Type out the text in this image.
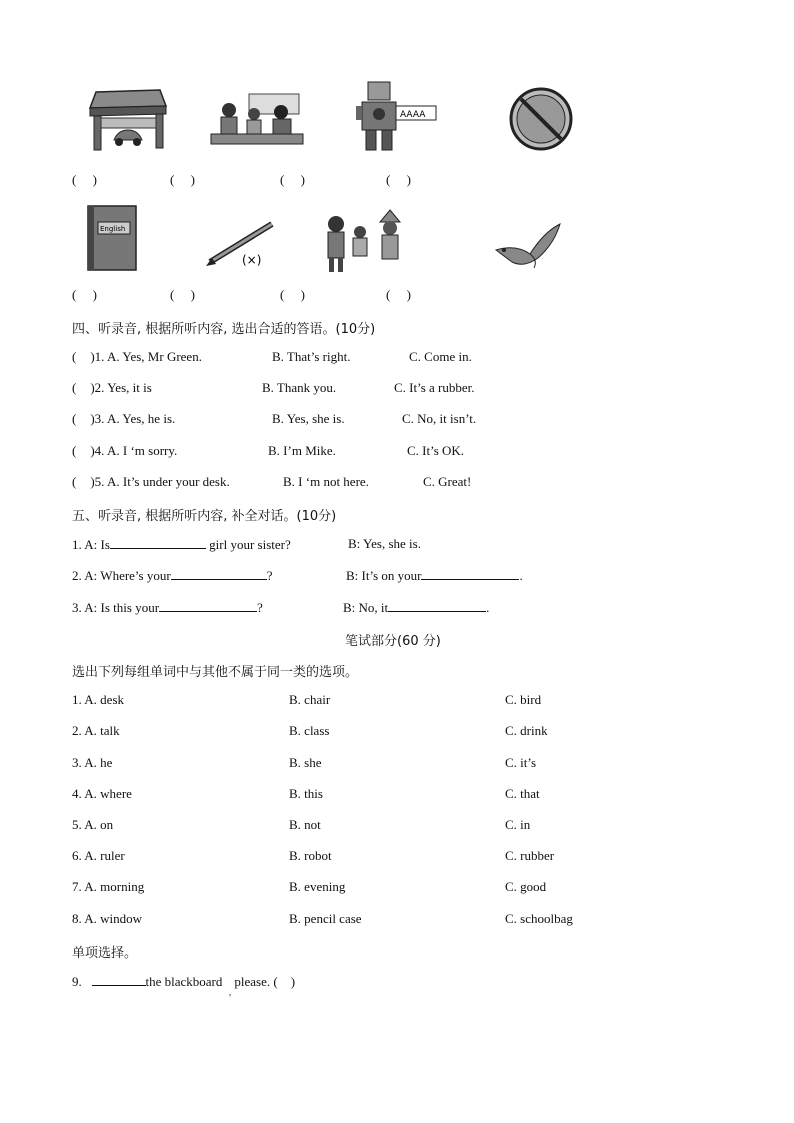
AAAA
( )	( )	( )	( )
English
(×)
( )	( )	( )	( )
四、听录音, 根据所听内容, 选出合适的答语。(10分)
( )1. A. Yes, Mr Green.	B. That’s right.	C. Come in.
( )2. Yes, it is	B. Thank you.	C. It’s a rubber.
( )3. A. Yes, he is.	B. Yes, she is.	C. No, it isn’t.
( )4. A. I ‘m sorry.	B. I’m Mike.	C. It’s OK.
( )5. A. It’s under your desk.	B. I ‘m not here.	C. Great!
五、听录音, 根据所听内容, 补全对话。(10分)
1. A: Is	girl your sister?	B: Yes, she is.
2. A: Where’s your	?	B: It’s on your	.
3. A: Is this your	?	B: No, it	.
笔试部分(60 分)
选出下列每组单词中与其他不属于同一类的选项。
1. A. desk	B. chair	C. bird
2. A. talk	B. class	C. drink
3. A. he	B. she	C. it’s
4. A. where	B. this	C. that
5. A. on	B. not	C. in
6. A. ruler	B. robot	C. rubber
7. A. morning	B. evening	C. good
8. A. window	B. pencil case	C. schoolbag
单项选择。
9.	the blackboard  $_,$ please. ( )
